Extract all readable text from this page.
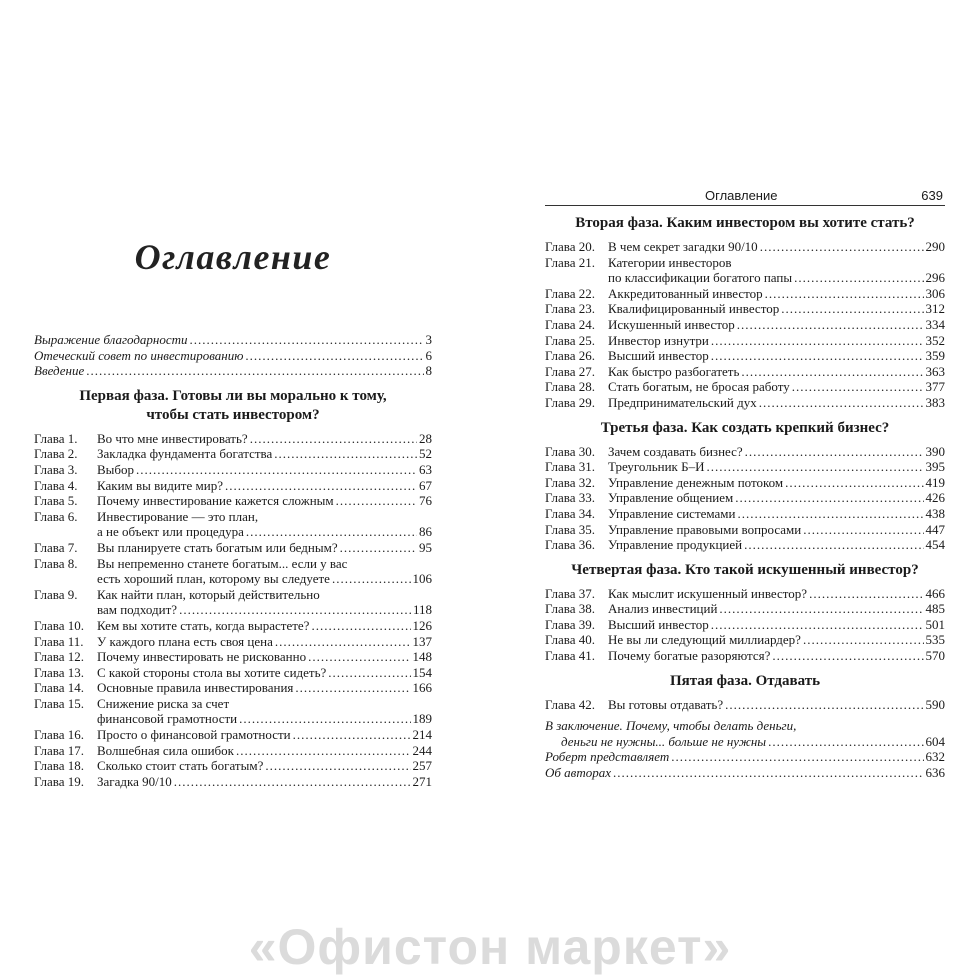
Оглавление
Выражение благодарности .....	3
Отеческий совет по инвестированию .....	6
Введение .....	8
Первая фаза. Готовы ли вы морально к тому,
чтобы стать инвестором?
Глава 1.	Во что мне инвестировать? .....	28
Глава 2.	Закладка фундамента богатства .....	52
Глава 3.	Выбор .....	63
Глава 4.	Каким вы видите мир? .....	67
Глава 5.	Почему инвестирование кажется сложным .....	76
Глава 6.	Инвестирование — это план,
а не объект или процедура .....	86
Глава 7.	Вы планируете стать богатым или бедным? .....	95
Глава 8.	Вы непременно станете богатым... если у вас
есть хороший план, которому вы следуете .....	106
Глава 9.	Как найти план, который действительно
вам подходит? .....	118
Глава 10. Кем вы хотите стать, когда вырастете? .....	126
Глава 11.	У каждого плана есть своя цена .....	137
Глава 12. Почему инвестировать не рискованно .....	148
Глава 13. С какой стороны стола вы хотите сидеть? .....	154
Глава 14. Основные правила инвестирования .....	166
Глава 15. Снижение риска за счет
финансовой грамотности .....	189
Глава 16. Просто о финансовой грамотности .....	214
Глава 17. Волшебная сила ошибок .....	244
Глава 18. Сколько стоит стать богатым? .....	257
Глава 19. Загадка 90/10 .....	271
Оглавление	639
Вторая фаза. Каким инвестором вы хотите стать?
Глава 20. В чем секрет загадки 90/10 .....	290
Глава 21. Категории инвесторов
по классификации богатого папы .....	296
Глава 22. Аккредитованный инвестор .....	306
Глава 23. Квалифицированный инвестор .....	312
Глава 24. Искушенный инвестор .....	334
Глава 25. Инвестор изнутри .....	352
Глава 26. Высший инвестор .....	359
Глава 27. Как быстро разбогатеть .....	363
Глава 28. Стать богатым, не бросая работу .....	377
Глава 29. Предпринимательский дух .....	383
Третья фаза. Как создать крепкий бизнес?
Глава 30. Зачем создавать бизнес? .....	390
Глава 31. Треугольник Б–И .....	395
Глава 32. Управление денежным потоком .....	419
Глава 33. Управление общением .....	426
Глава 34. Управление системами .....	438
Глава 35. Управление правовыми вопросами .....	447
Глава 36. Управление продукцией .....	454
Четвертая фаза. Кто такой искушенный инвестор?
Глава 37. Как мыслит искушенный инвестор? .....	466
Глава 38. Анализ инвестиций .....	485
Глава 39. Высший инвестор .....	501
Глава 40. Не вы ли следующий миллиардер? .....	535
Глава 41. Почему богатые разоряются? .....	570
Пятая фаза. Отдавать
Глава 42. Вы готовы отдавать? .....	590
В заключение. Почему, чтобы делать деньги,
деньги не нужны... больше не нужны .....	604
Роберт представляет .....	632
Об авторах .....	636
«Офистон маркет»
